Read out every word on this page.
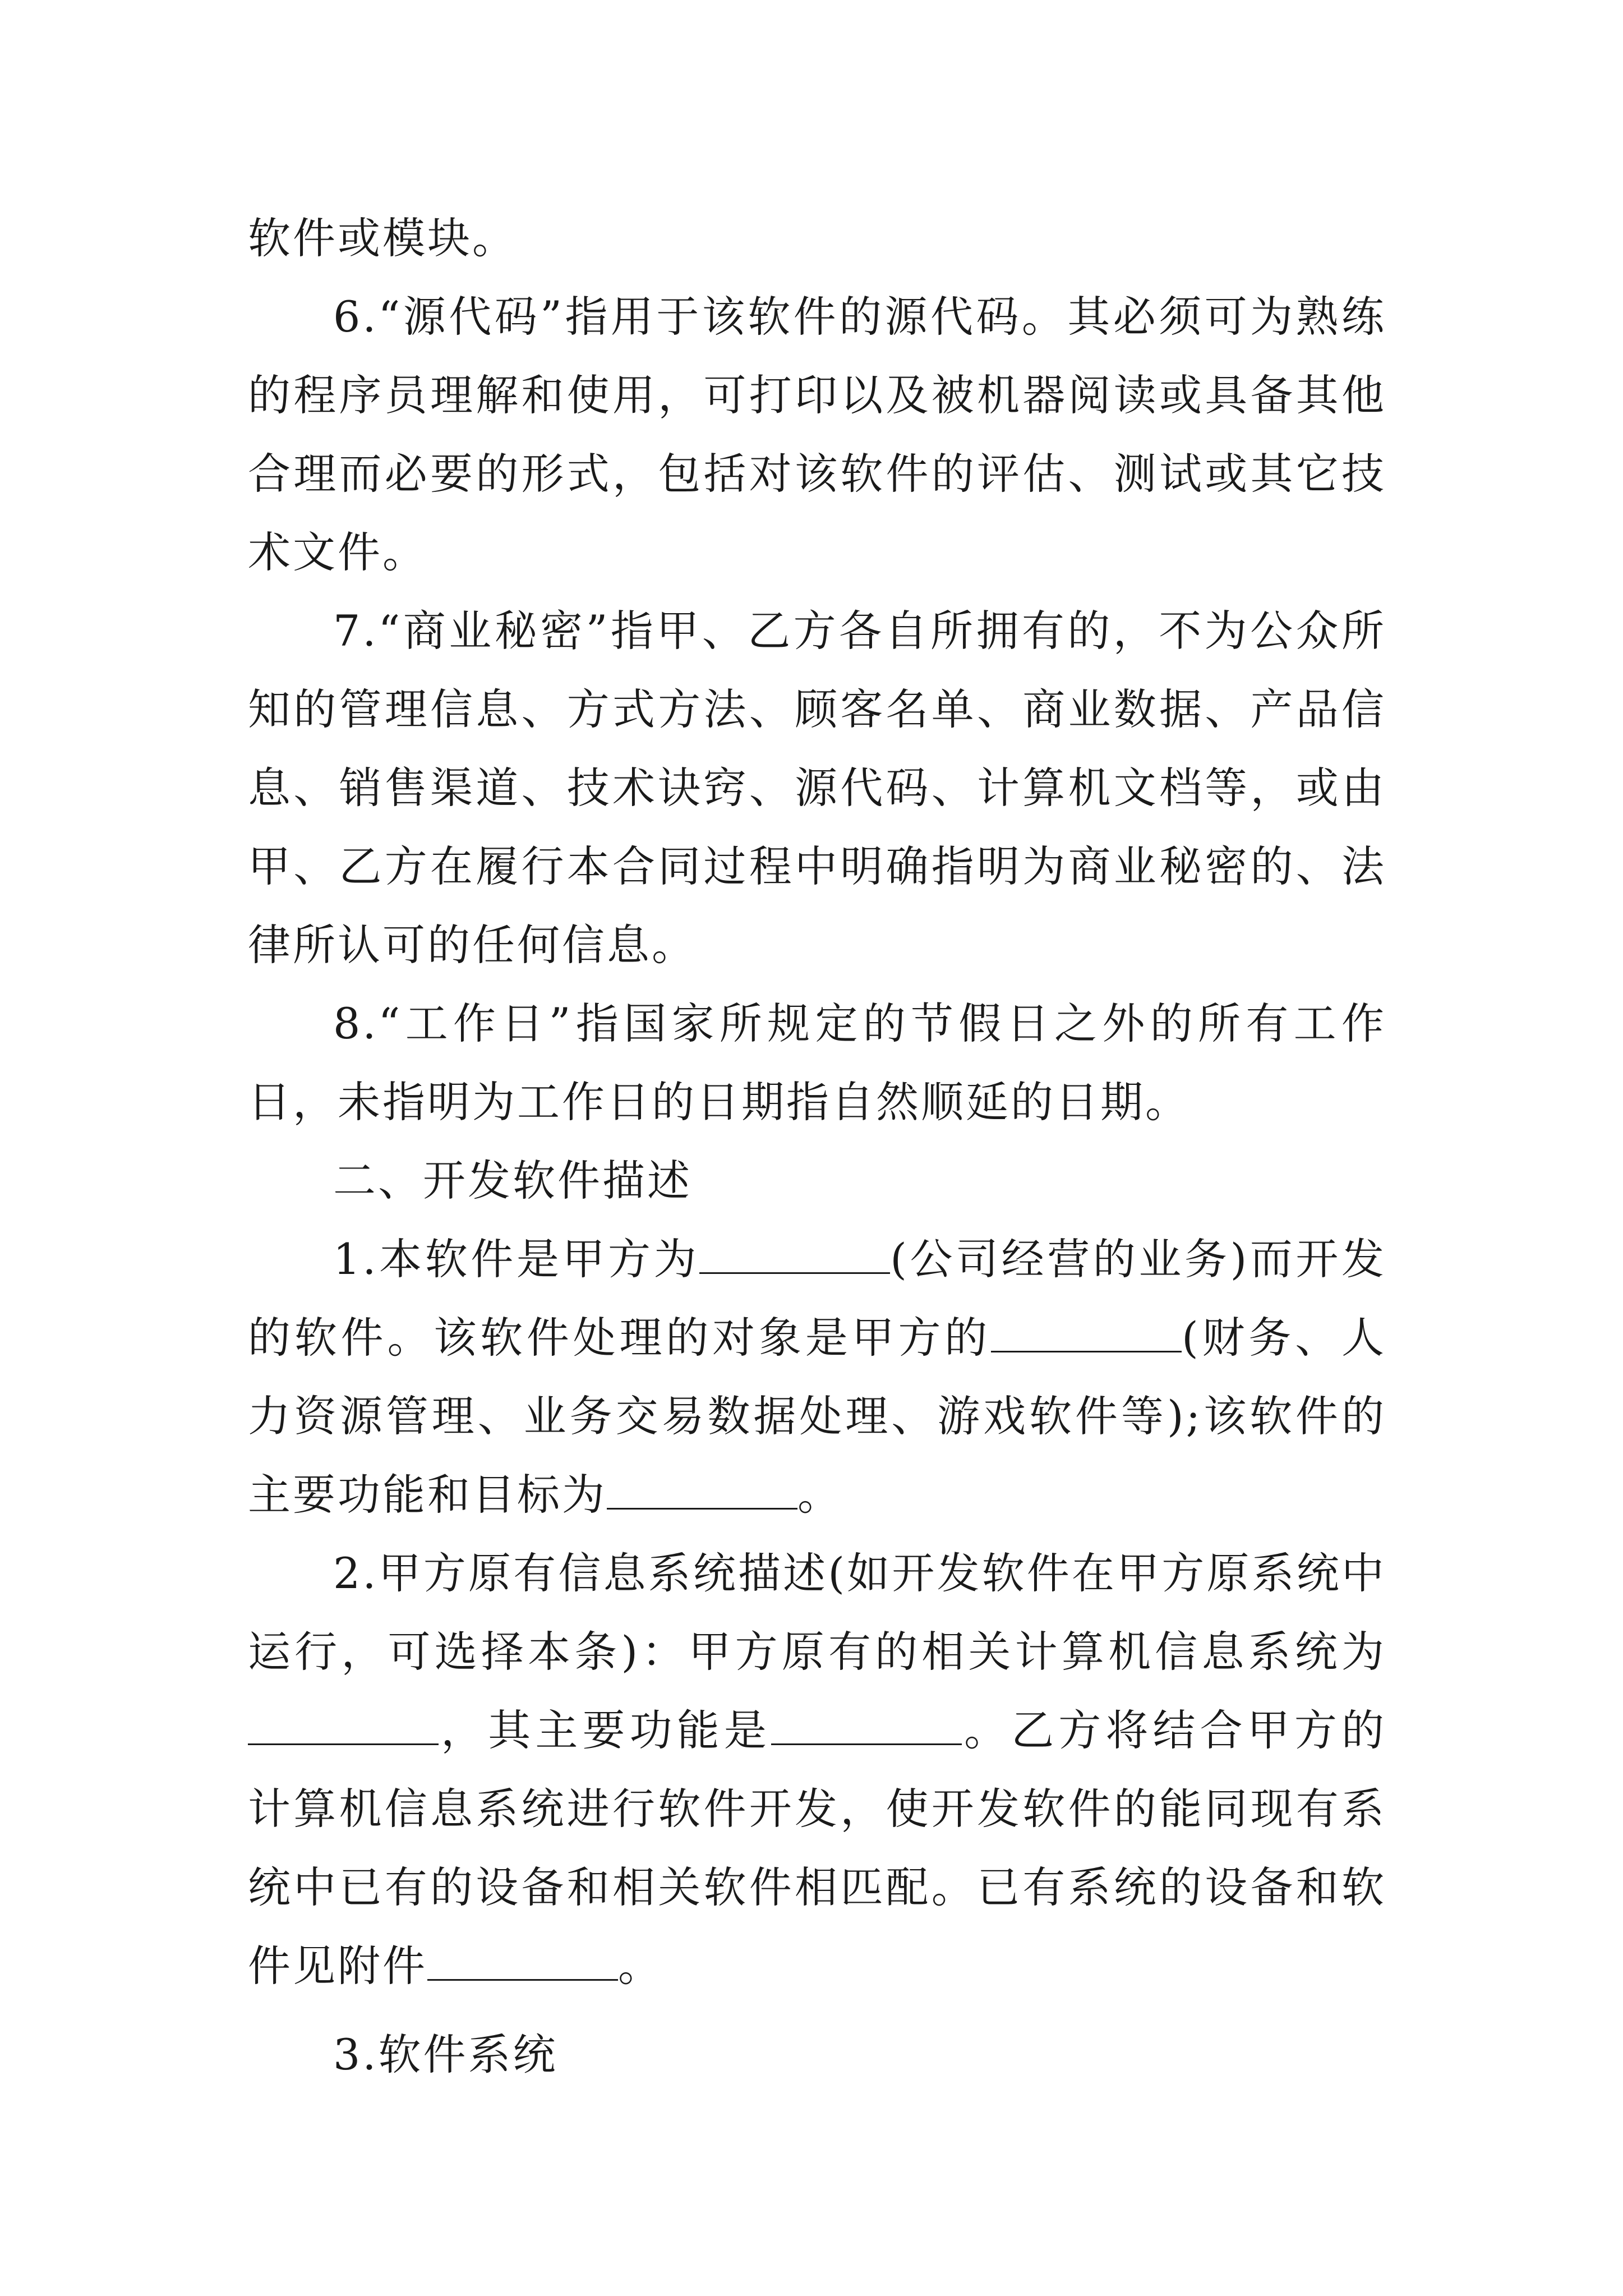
软件或模块。

6.“源代码”指用于该软件的源代码。其必须可为熟练的程序员理解和使用，可打印以及被机器阅读或具备其他合理而必要的形式，包括对该软件的评估、测试或其它技术文件。

7.“商业秘密”指甲、乙方各自所拥有的，不为公众所知的管理信息、方式方法、顾客名单、商业数据、产品信息、销售渠道、技术诀窍、源代码、计算机文档等，或由甲、乙方在履行本合同过程中明确指明为商业秘密的、法律所认可的任何信息。

8.“工作日”指国家所规定的节假日之外的所有工作日，未指明为工作日的日期指自然顺延的日期。

二、开发软件描述

1.本软件是甲方为	(公司经营的业务)而开发的软件。该软件处理的对象是甲方的	(财务、人力资源管理、业务交易数据处理、游戏软件等);该软件的主要功能和目标为	。

2.甲方原有信息系统描述(如开发软件在甲方原系统中运行，可选择本条)：甲方原有的相关计算机信息系统为，其主要功能是	。乙方将结合甲方的计算机信息系统进行软件开发，使开发软件的能同现有系统中已有的设备和相关软件相匹配。已有系统的设备和软件见附件	。

3.软件系统
